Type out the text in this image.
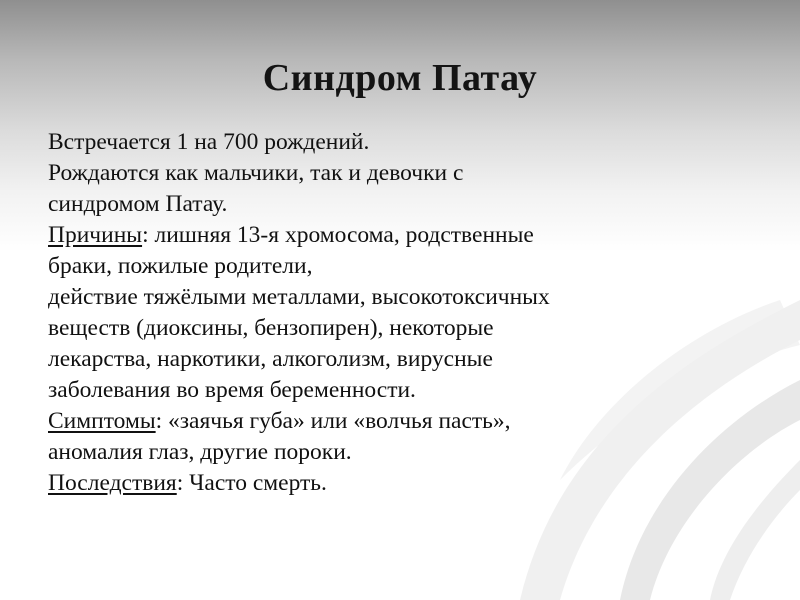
Синдром Патау
Встречается 1 на 700 рождений.
Рождаются как мальчики, так и девочки с
синдромом Патау.
Причины: лишняя 13-я хромосома, родственные
браки, пожилые родители,
действие тяжёлыми металлами, высокотоксичных
веществ (диоксины, бензопирен), некоторые
лекарства, наркотики, алкоголизм, вирусные
заболевания во время беременности.
Симптомы: «заячья губа» или «волчья пасть»,
аномалия глаз, другие пороки.
Последствия: Часто смерть.
